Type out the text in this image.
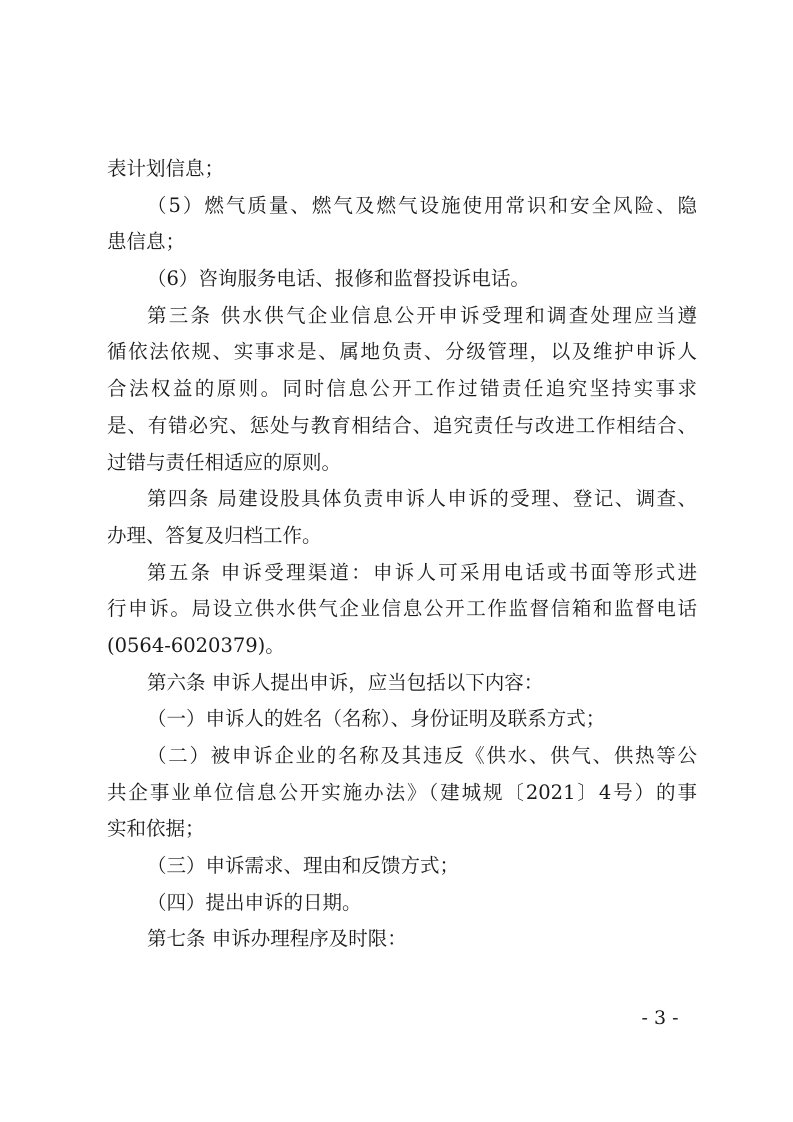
表计划信息；
（5）燃气质量、燃气及燃气设施使用常识和安全风险、隐
患信息；
（6）咨询服务电话、报修和监督投诉电话。
第三条 供水供气企业信息公开申诉受理和调查处理应当遵
循依法依规、实事求是、属地负责、分级管理，以及维护申诉人
合法权益的原则。同时信息公开工作过错责任追究坚持实事求
是、有错必究、惩处与教育相结合、追究责任与改进工作相结合、
过错与责任相适应的原则。
第四条 局建设股具体负责申诉人申诉的受理、登记、调查、
办理、答复及归档工作。
第五条 申诉受理渠道：申诉人可采用电话或书面等形式进
行申诉。局设立供水供气企业信息公开工作监督信箱和监督电话
(0564-6020379)。
第六条 申诉人提出申诉，应当包括以下内容：
（一）申诉人的姓名（名称）、身份证明及联系方式；
（二）被申诉企业的名称及其违反《供水、供气、供热等公
共企事业单位信息公开实施办法》（建城规〔2021〕4号）的事
实和依据；
（三）申诉需求、理由和反馈方式；
（四）提出申诉的日期。
第七条 申诉办理程序及时限：
- 3 -
